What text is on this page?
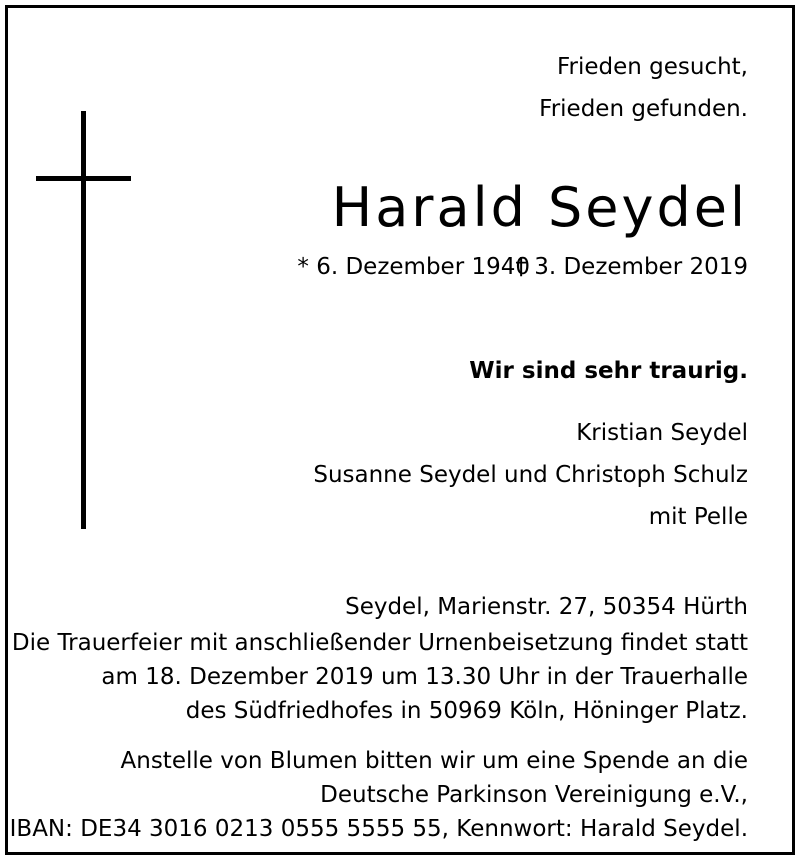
Frieden gesucht,
Frieden gefunden.
Harald Seydel
* 6. Dezember 1940
† 3. Dezember 2019
Wir sind sehr traurig.
Kristian Seydel
Susanne Seydel und Christoph Schulz
mit Pelle
Seydel, Marienstr. 27, 50354 Hürth
Die Trauerfeier mit anschließender Urnenbeisetzung findet statt
am 18. Dezember 2019 um 13.30 Uhr in der Trauerhalle
des Südfriedhofes in 50969 Köln, Höninger Platz.
Anstelle von Blumen bitten wir um eine Spende an die
Deutsche Parkinson Vereinigung e.V.,
IBAN: DE34 3016 0213 0555 5555 55, Kennwort: Harald Seydel.
